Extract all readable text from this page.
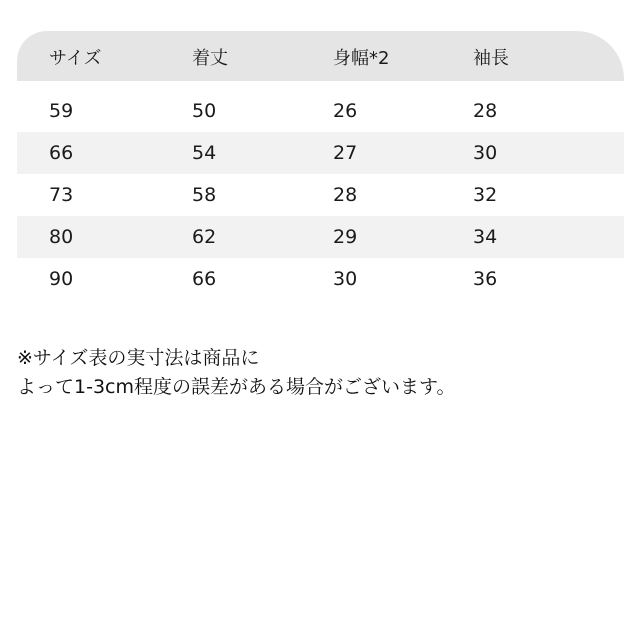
サイズ	着丈	身幅*2	袖長
59	50	26	28
66	54	27	30
73	58	28	32
80	62	29	34
90	66	30	36
※サイズ表の実寸法は商品に
よって1-3cm程度の誤差がある場合がございます。
